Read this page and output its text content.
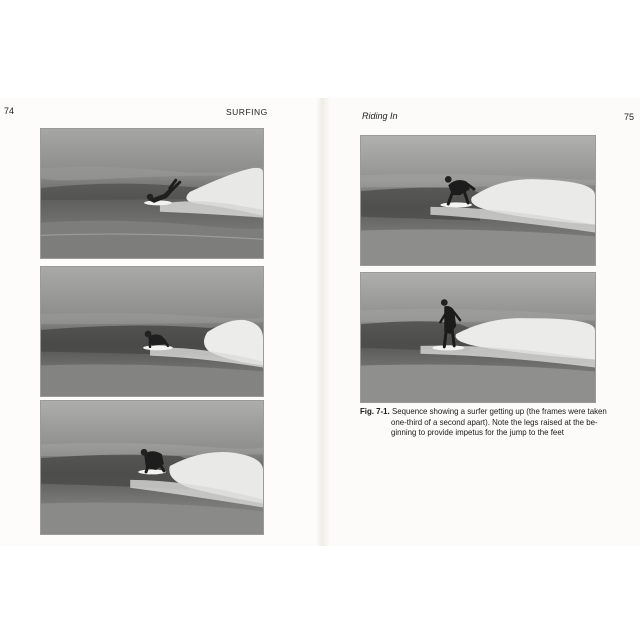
74	SURFING	Riding In	75
Fig. 7-1. Sequence showing a surfer getting up (the frames were taken
one-third of a second apart). Note the legs raised at the be-
ginning to provide impetus for the jump to the feet
